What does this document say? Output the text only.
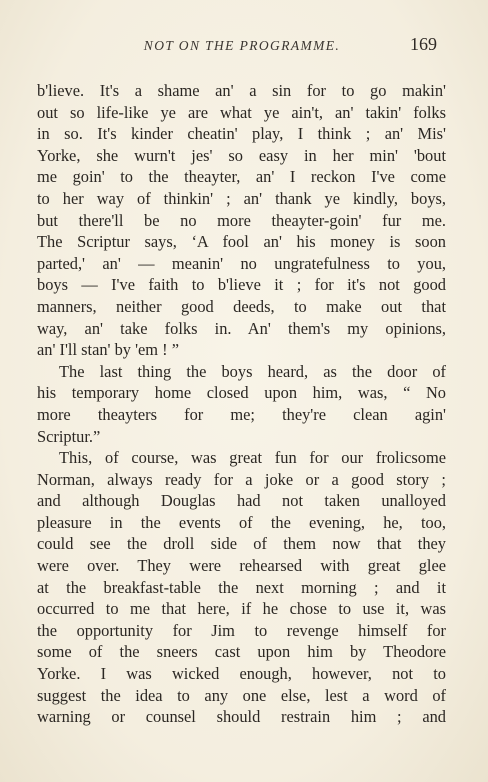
NOT ON THE PROGRAMME.	169
b'lieve. It's a shame an' a sin for to go makin'
out so life-like ye are what ye ain't, an' takin' folks
in so. It's kinder cheatin' play, I think ; an' Mis'
Yorke, she wurn't jes' so easy in her min' 'bout
me goin' to the theayter, an' I reckon I've come
to her way of thinkin' ; an' thank ye kindly, boys,
but there'll be no more theayter-goin' fur me.
The Scriptur says, ‘A fool an' his money is soon
parted,' an' — meanin' no ungratefulness to you,
boys — I've faith to b'lieve it ; for it's not good
manners, neither good deeds, to make out that
way, an' take folks in. An' them's my opinions,
an' I'll stan' by 'em ! ”
The last thing the boys heard, as the door of
his temporary home closed upon him, was, “ No
more theayters for me; they're clean agin'
Scriptur.”
This, of course, was great fun for our frolicsome
Norman, always ready for a joke or a good story ;
and although Douglas had not taken unalloyed
pleasure in the events of the evening, he, too,
could see the droll side of them now that they
were over. They were rehearsed with great glee
at the breakfast-table the next morning ; and it
occurred to me that here, if he chose to use it, was
the opportunity for Jim to revenge himself for
some of the sneers cast upon him by Theodore
Yorke. I was wicked enough, however, not to
suggest the idea to any one else, lest a word of
warning or counsel should restrain him ; and
